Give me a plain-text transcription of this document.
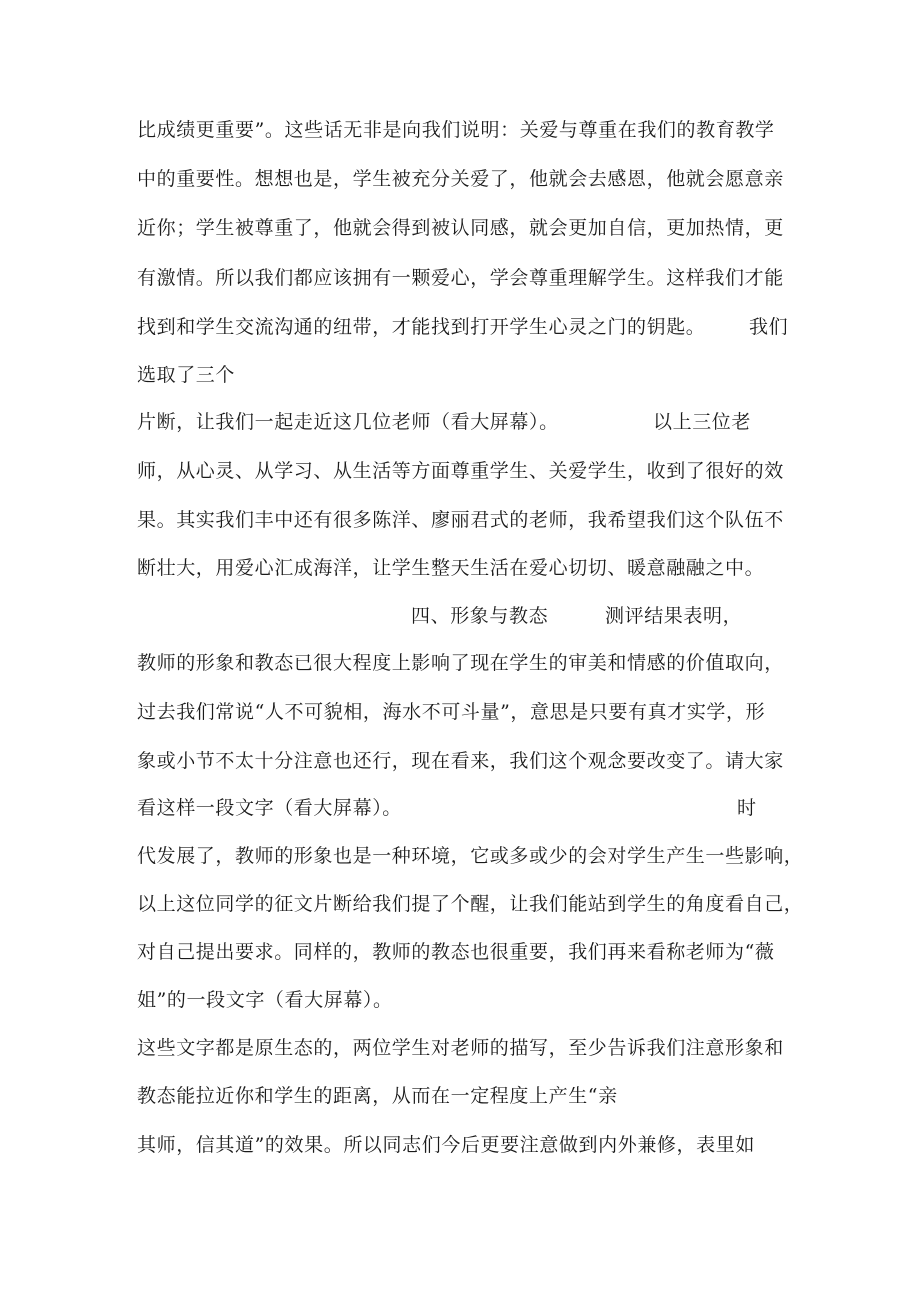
比成绩更重要”。这些话无非是向我们说明：关爱与尊重在我们的教育教学
中的重要性。想想也是，学生被充分关爱了，他就会去感恩，他就会愿意亲
近你；学生被尊重了，他就会得到被认同感，就会更加自信，更加热情，更
有激情。所以我们都应该拥有一颗爱心，学会尊重理解学生。这样我们才能
找到和学生交流沟通的纽带，才能找到打开学生心灵之门的钥匙。 我们
选取了三个
片断，让我们一起走近这几位老师（看大屏幕）。	以上三位老
师，从心灵、从学习、从生活等方面尊重学生、关爱学生，收到了很好的效
果。其实我们丰中还有很多陈洋、廖丽君式的老师，我希望我们这个队伍不
断壮大，用爱心汇成海洋，让学生整天生活在爱心切切、暖意融融之中。
四、形象与教态	测评结果表明，
教师的形象和教态已很大程度上影响了现在学生的审美和情感的价值取向，
过去我们常说“人不可貌相，海水不可斗量”，意思是只要有真才实学，形
象或小节不太十分注意也还行，现在看来，我们这个观念要改变了。请大家
看这样一段文字（看大屏幕）。	时
代发展了，教师的形象也是一种环境，它或多或少的会对学生产生一些影响，
以上这位同学的征文片断给我们提了个醒，让我们能站到学生的角度看自己，
对自己提出要求。同样的，教师的教态也很重要，我们再来看称老师为“薇
姐”的一段文字（看大屏幕）。
这些文字都是原生态的，两位学生对老师的描写，至少告诉我们注意形象和
教态能拉近你和学生的距离，从而在一定程度上产生“亲
其师，信其道”的效果。所以同志们今后更要注意做到内外兼修，表里如
